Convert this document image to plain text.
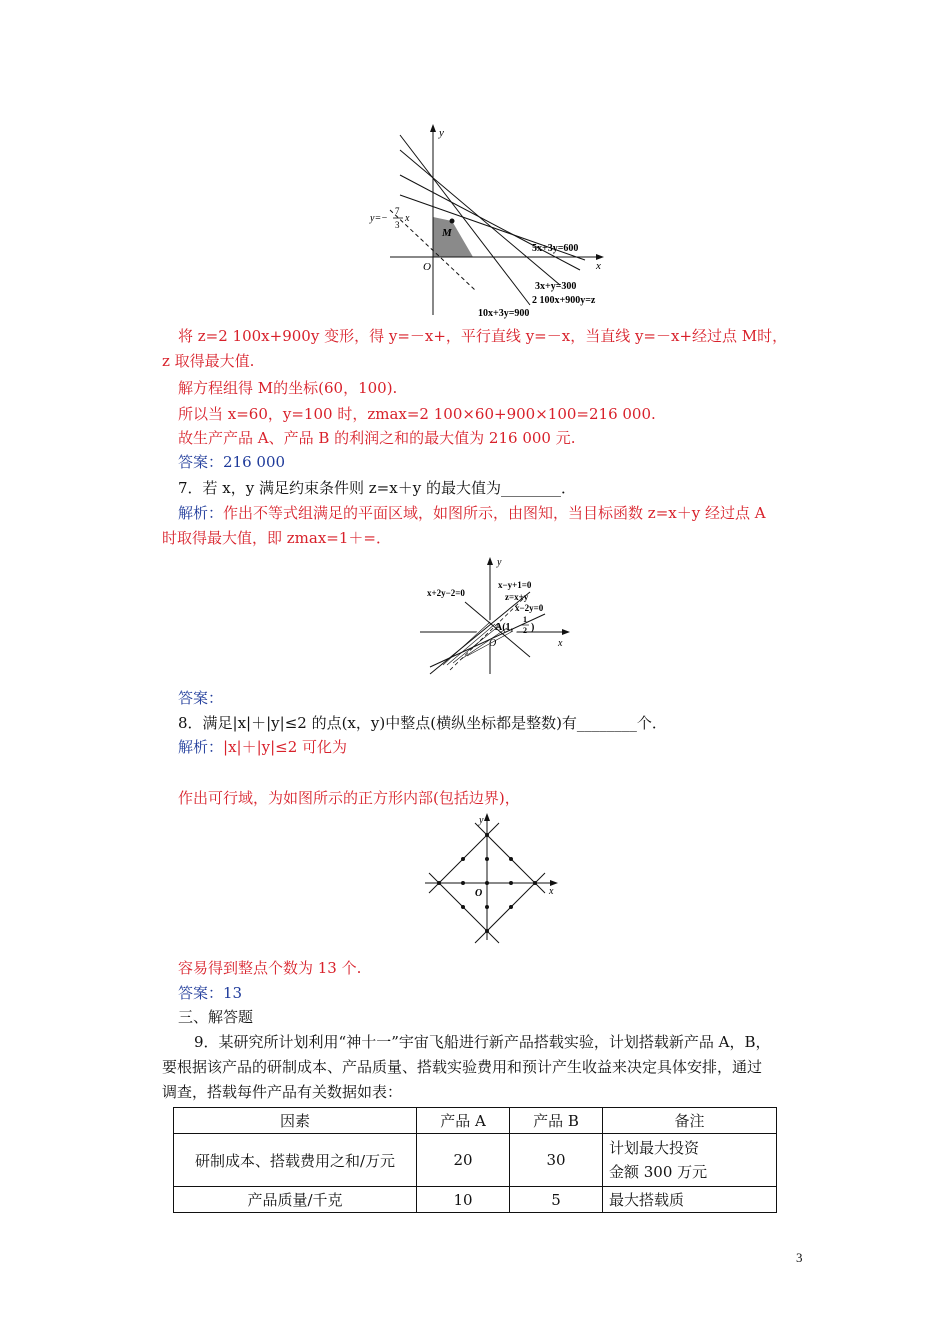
y
x
O
M
y=−
7
3
x
5x+3y=600
3x+y=300
2 100x+900y=z
10x+3y=900
将 z=2 100x+900y 变形，得 y=－x+，平行直线 y=－x，当直线 y=－x+经过点 M时，
z 取得最大值.
解方程组得 M的坐标(60，100).
所以当 x=60，y=100 时，zmax=2 100×60+900×100=216 000.
故生产产品 A、产品 B 的利润之和的最大值为 216 000 元.
答案：216 000
7．若 x，y 满足约束条件则 z=x＋y 的最大值为________．
解析：作出不等式组满足的平面区域，如图所示，由图知，当目标函数 z=x＋y 经过点 A
时取得最大值，即 zmax=1＋=．
y
x
O
x+2y−2=0
x−y+1=0
z=x+y
x−2y=0
A(1,
1
2 )
答案：
8．满足|x|＋|y|≤2 的点(x，y)中整点(横纵坐标都是整数)有________个．
解析：|x|＋|y|≤2 可化为
作出可行域，为如图所示的正方形内部(包括边界)，
y
x
O
容易得到整点个数为 13 个.
答案：13
三、解答题
9．某研究所计划利用“神十一”宇宙飞船进行新产品搭载实验，计划搭载新产品 A，B，
要根据该产品的研制成本、产品质量、搭载实验费用和预计产生收益来决定具体安排，通过
调查，搭载每件产品有关数据如表：
因素	产品 A	产品 B	备注
研制成本、搭载费用之和/万元	20	30	计划最大投资
金额 300 万元

产品质量/千克	10	5	最大搭载质
3
